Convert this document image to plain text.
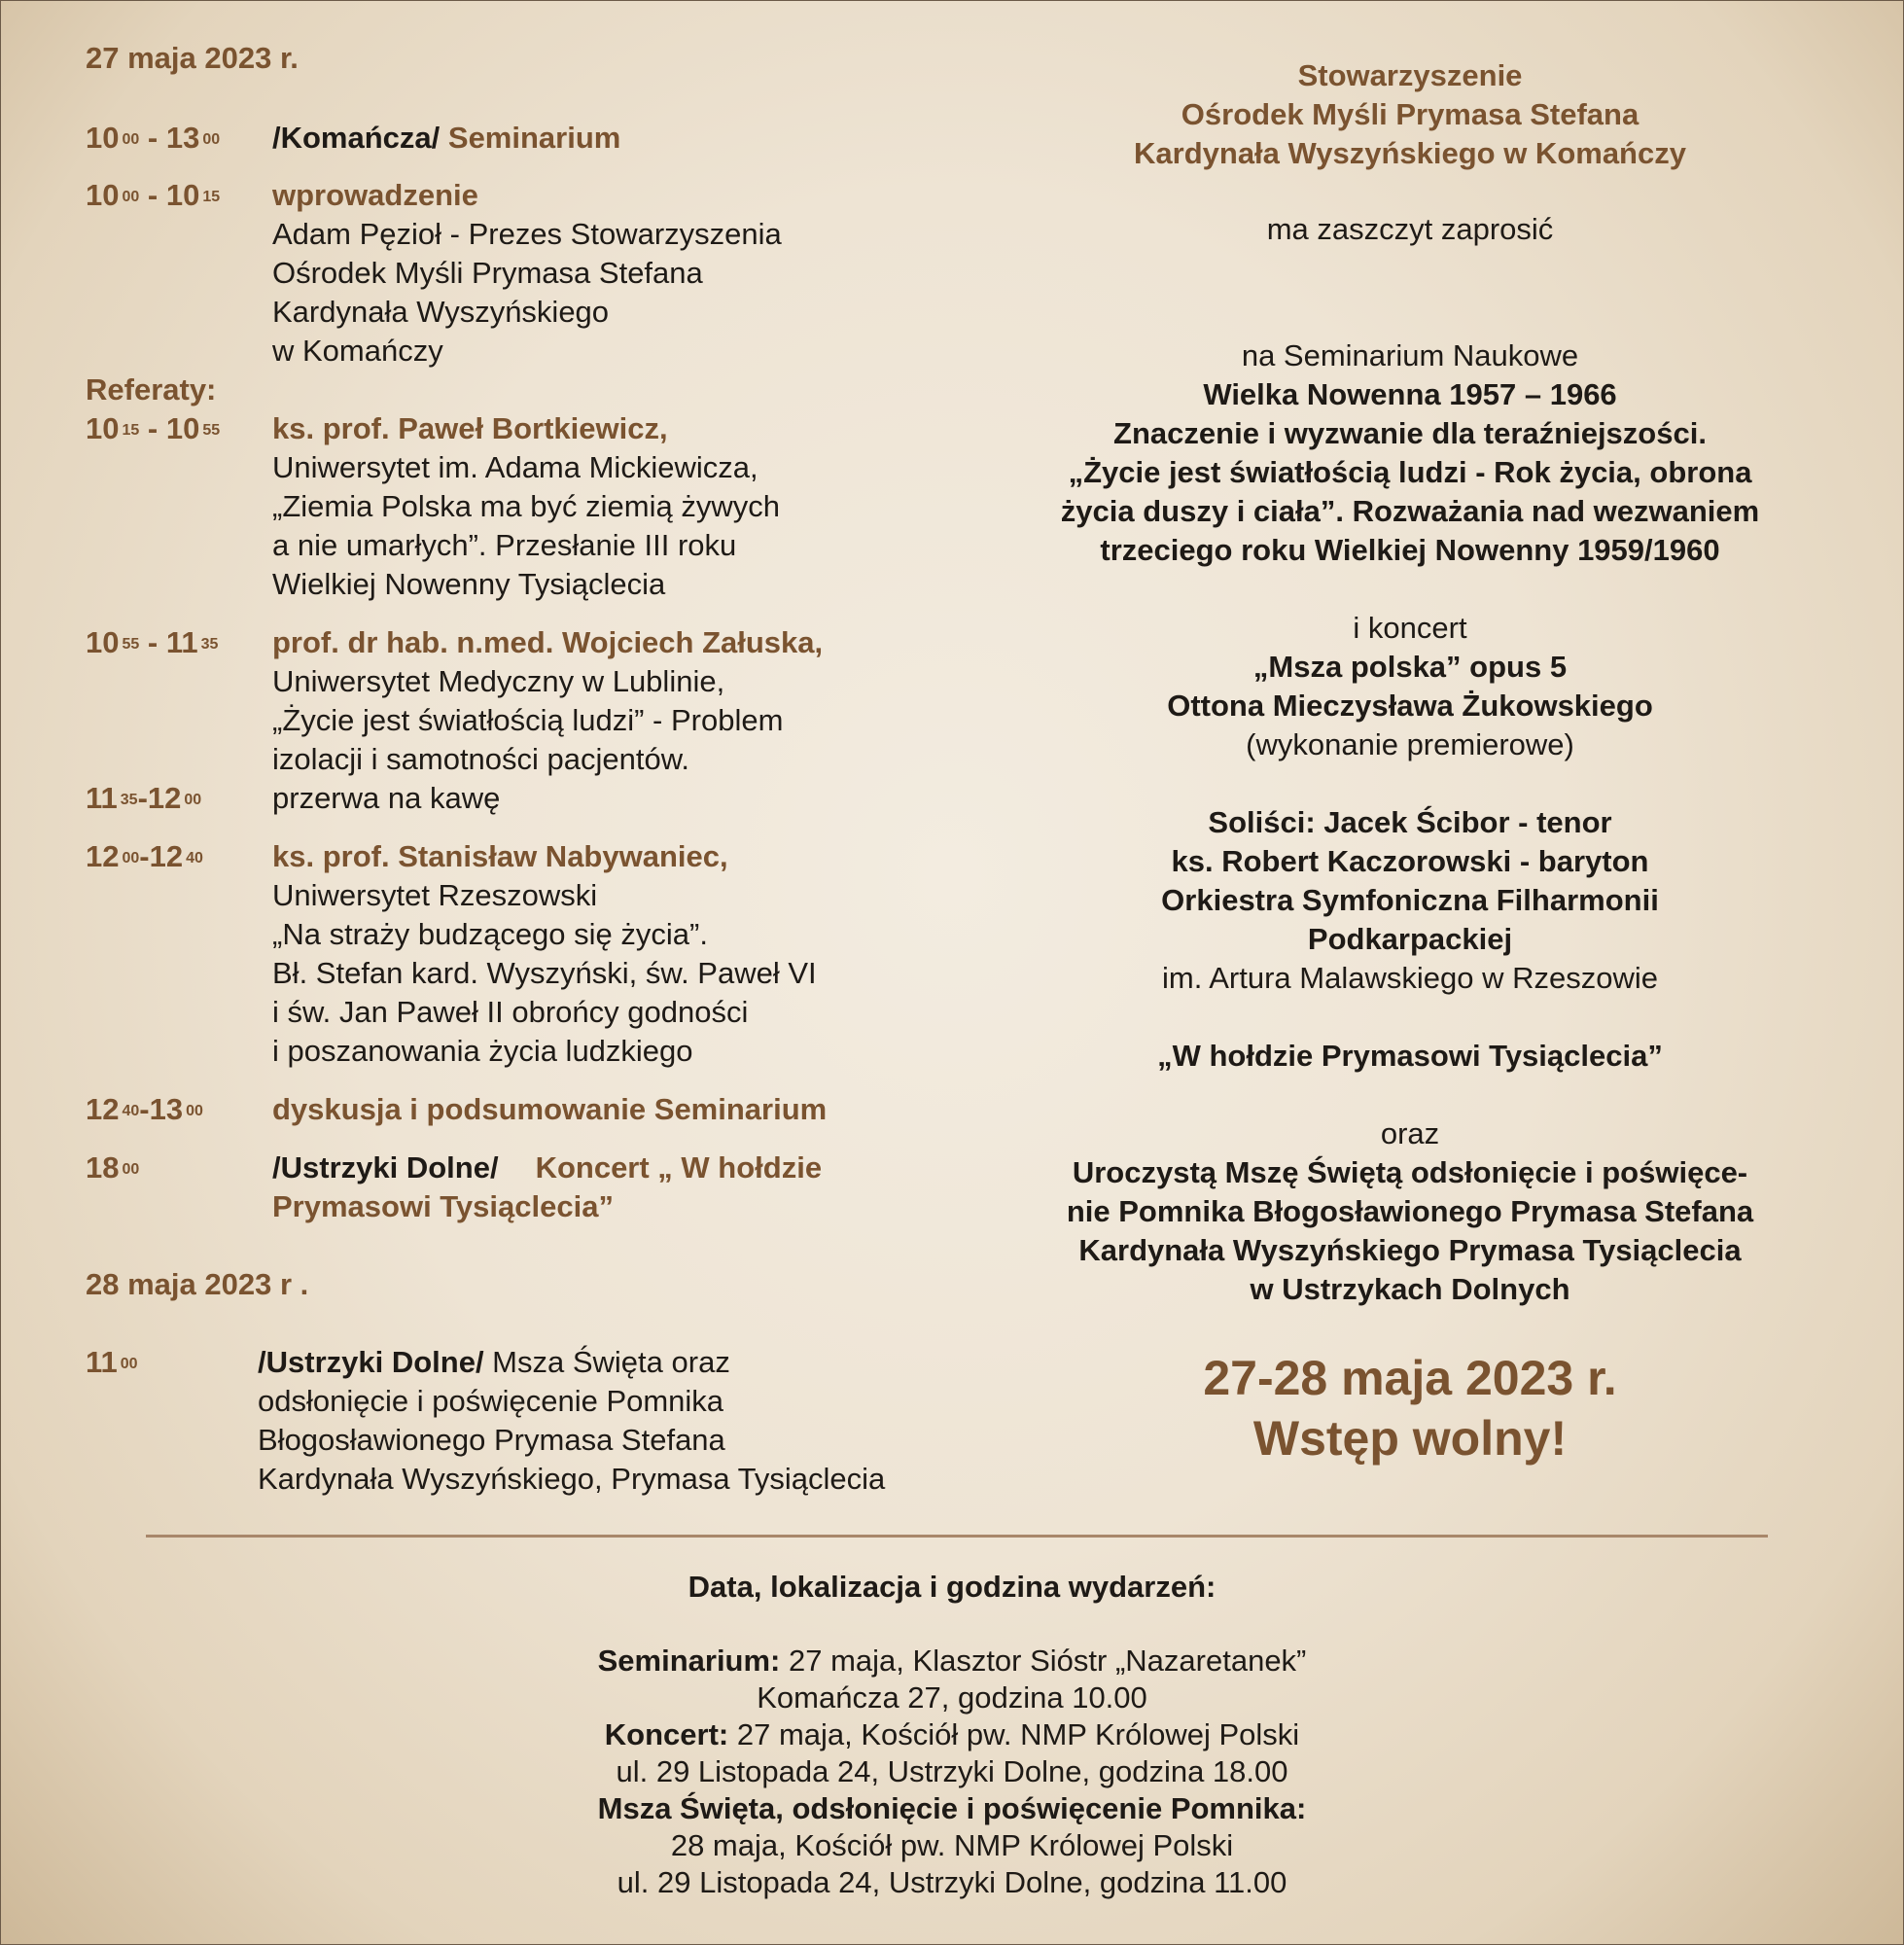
27 maja 2023 r.
10 $^{00}$ - 13 $^{00}$	/Komańcza/ Seminarium
10 $^{00}$ - 10 $^{15}$	wprowadzenie
Adam Pęzioł - Prezes Stowarzyszenia
Ośrodek Myśli Prymasa Stefana
Kardynała Wyszyńskiego
w Komańczy
Referaty:
10 $^{15}$ - 10 $^{55}$	ks. prof. Paweł Bortkiewicz,
Uniwersytet im. Adama Mickiewicza,
„Ziemia Polska ma być ziemią żywych
a nie umarłych”. Przesłanie III roku
Wielkiej Nowenny Tysiąclecia
10 $^{55}$ - 11 $^{35}$	prof. dr hab. n.med. Wojciech Załuska,
Uniwersytet Medyczny w Lublinie,
„Życie jest światłością ludzi” - Problem
izolacji i samotności pacjentów.
11 $^{35}$-12 $^{00}$	przerwa na kawę
12 $^{00}$-12 $^{40}$	ks. prof. Stanisław Nabywaniec,
Uniwersytet Rzeszowski
„Na straży budzącego się życia”.
Bł. Stefan kard. Wyszyński, św. Paweł VI
i św. Jan Paweł II obrońcy godności
i poszanowania życia ludzkiego
12 $^{40}$-13 $^{00}$	dyskusja i podsumowanie Seminarium
18 $^{00}$	/Ustrzyki Dolne/ Koncert „ W hołdzie
Prymasowi Tysiąclecia”
28 maja 2023 r .
11 $^{00}$	/Ustrzyki Dolne/ Msza Święta oraz
odsłonięcie i poświęcenie Pomnika
Błogosławionego Prymasa Stefana
Kardynała Wyszyńskiego, Prymasa Tysiąclecia
Stowarzyszenie
Ośrodek Myśli Prymasa Stefana
Kardynała Wyszyńskiego w Komańczy
ma zaszczyt zaprosić
na Seminarium Naukowe
Wielka Nowenna 1957 – 1966
Znaczenie i wyzwanie dla teraźniejszości.
„Życie jest światłością ludzi - Rok życia, obrona
życia duszy i ciała”. Rozważania nad wezwaniem
trzeciego roku Wielkiej Nowenny 1959/1960
i koncert
„Msza polska” opus 5
Ottona Mieczysława Żukowskiego
(wykonanie premierowe)
Soliści: Jacek Ścibor - tenor
ks. Robert Kaczorowski - baryton
Orkiestra Symfoniczna Filharmonii
Podkarpackiej
im. Artura Malawskiego w Rzeszowie
„W hołdzie Prymasowi Tysiąclecia”
oraz
Uroczystą Mszę Świętą odsłonięcie i poświęce-
nie Pomnika Błogosławionego Prymasa Stefana
Kardynała Wyszyńskiego Prymasa Tysiąclecia
w Ustrzykach Dolnych
27-28 maja 2023 r.
Wstęp wolny!
Data, lokalizacja i godzina wydarzeń:
Seminarium: 27 maja, Klasztor Sióstr „Nazaretanek”
Komańcza 27, godzina 10.00
Koncert: 27 maja, Kościół pw. NMP Królowej Polski
ul. 29 Listopada 24, Ustrzyki Dolne, godzina 18.00
Msza Święta, odsłonięcie i poświęcenie Pomnika:
28 maja, Kościół pw. NMP Królowej Polski
ul. 29 Listopada 24, Ustrzyki Dolne, godzina 11.00
